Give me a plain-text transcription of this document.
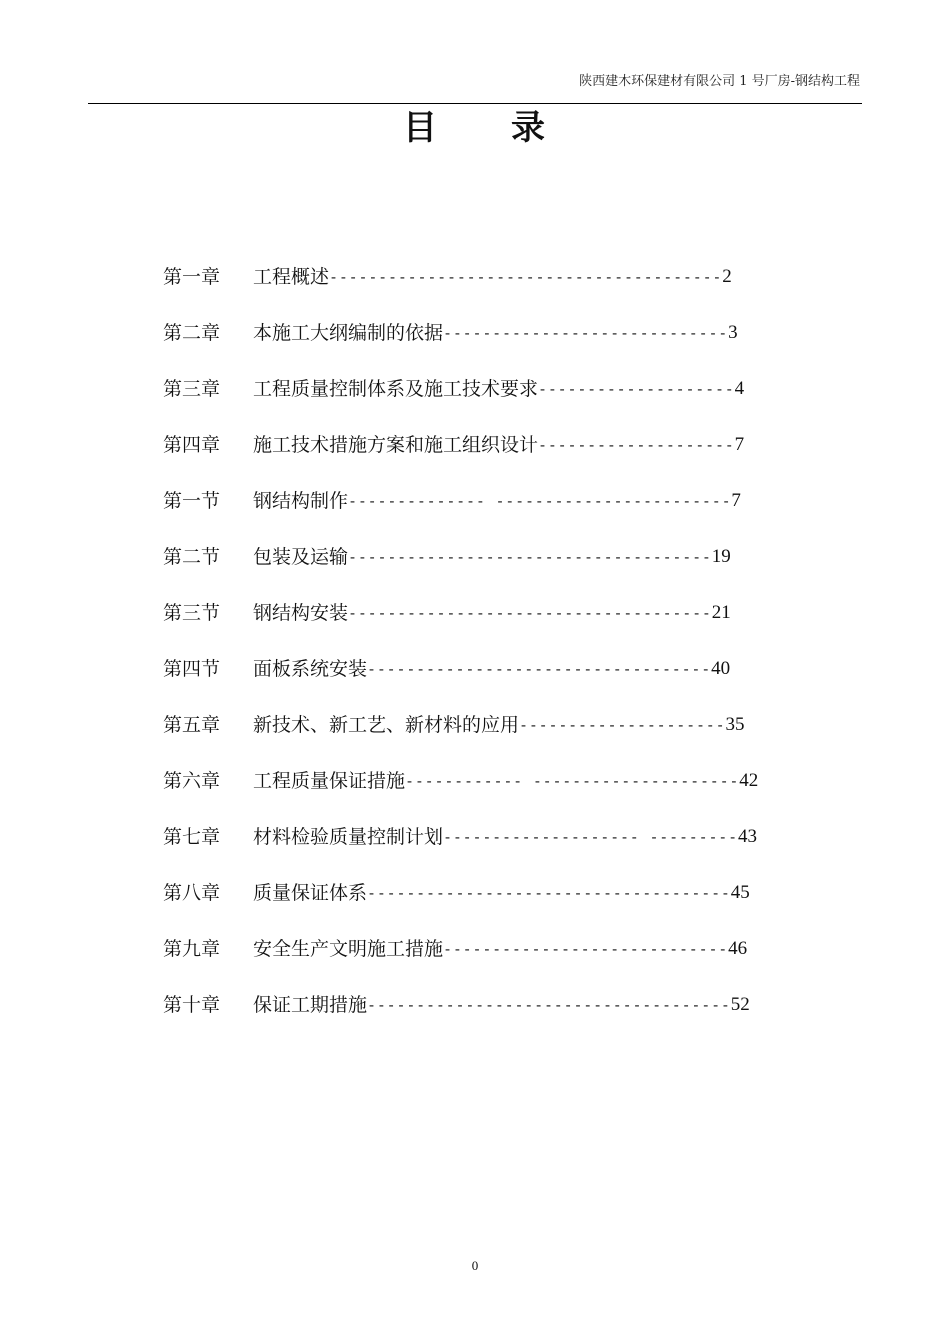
陕西建木环保建材有限公司 1 号厂房-钢结构工程
目　　录
第一章	工程概述 ---------------------------------------- 2
第二章	本施工大纲编制的依据 ----------------------------- 3
第三章	工程质量控制体系及施工技术要求 -------------------- 4
第四章	施工技术措施方案和施工组织设计 -------------------- 7
第一节	钢结构制作 -------------- ------------------------ 7
第二节	包装及运输 ------------------------------------- 19
第三节	钢结构安装 ------------------------------------- 21
第四节	面板系统安装 ----------------------------------- 40
第五章	新技术、新工艺、新材料的应用 --------------------- 35
第六章	工程质量保证措施 ------------ --------------------- 42
第七章	材料检验质量控制计划 -------------------- --------- 43
第八章	质量保证体系 ------------------------------------- 45
第九章	安全生产文明施工措施 ----------------------------- 46
第十章	保证工期措施 ------------------------------------- 52
0
